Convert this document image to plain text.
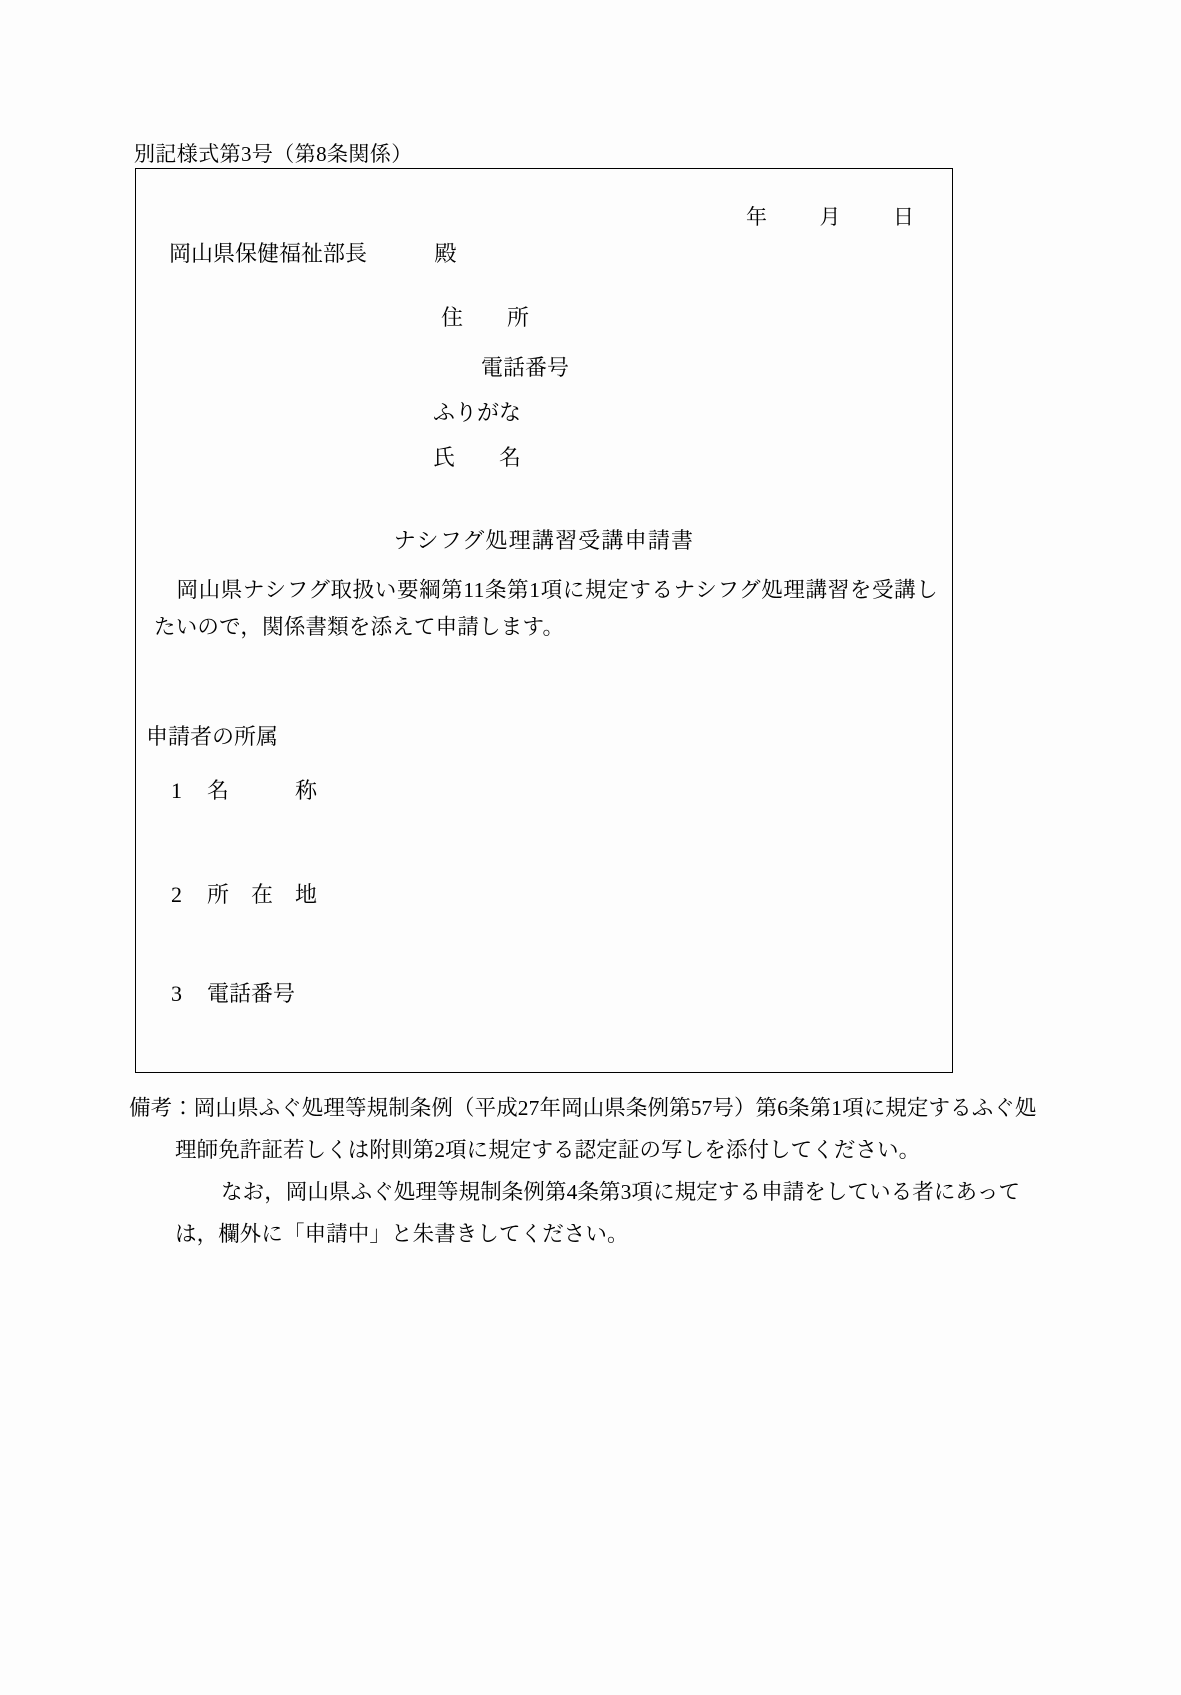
別記様式第3号（第8条関係）
年	月	日
岡山県保健福祉部長	殿
住　　所
電話番号
ふりがな
氏　　名
ナシフグ処理講習受講申請書
岡山県ナシフグ取扱い要綱第11条第1項に規定するナシフグ処理講習を受講したいので，関係書類を添えて申請します。
申請者の所属
1 名　　　称
2 所　在　地
3 電話番号
備考：岡山県ふぐ処理等規制条例（平成27年岡山県条例第57号）第6条第1項に規定するふぐ処
理師免許証若しくは附則第2項に規定する認定証の写しを添付してください。
なお，岡山県ふぐ処理等規制条例第4条第3項に規定する申請をしている者にあって
は，欄外に「申請中」と朱書きしてください。
